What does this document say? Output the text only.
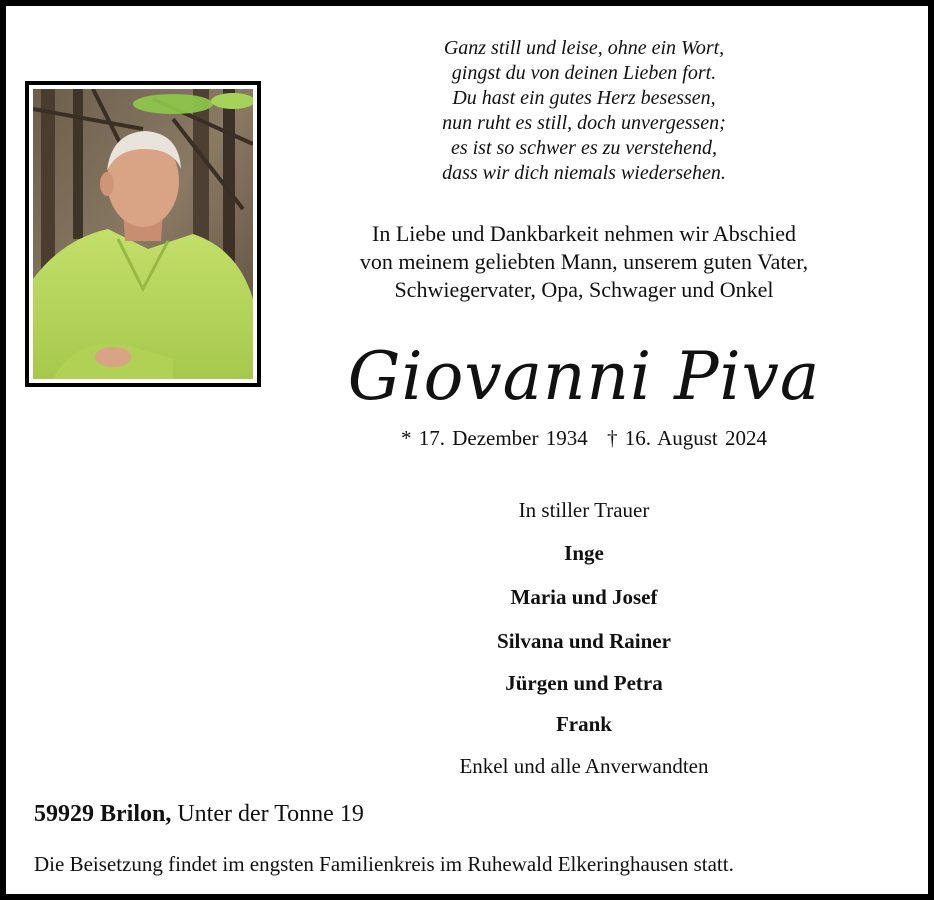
Ganz still und leise, ohne ein Wort,
gingst du von deinen Lieben fort.
Du hast ein gutes Herz besessen,
nun ruht es still, doch unvergessen;
es ist so schwer es zu verstehend,
dass wir dich niemals wiedersehen.
In Liebe und Dankbarkeit nehmen wir Abschied
von meinem geliebten Mann, unserem guten Vater,
Schwiegervater, Opa, Schwager und Onkel
Giovanni Piva
* 17. Dezember 1934 † 16. August 2024
In stiller Trauer
Inge
Maria und Josef
Silvana und Rainer
Jürgen und Petra
Frank
Enkel und alle Anverwandten
59929 Brilon, Unter der Tonne 19
Die Beisetzung findet im engsten Familienkreis im Ruhewald Elkeringhausen statt.
